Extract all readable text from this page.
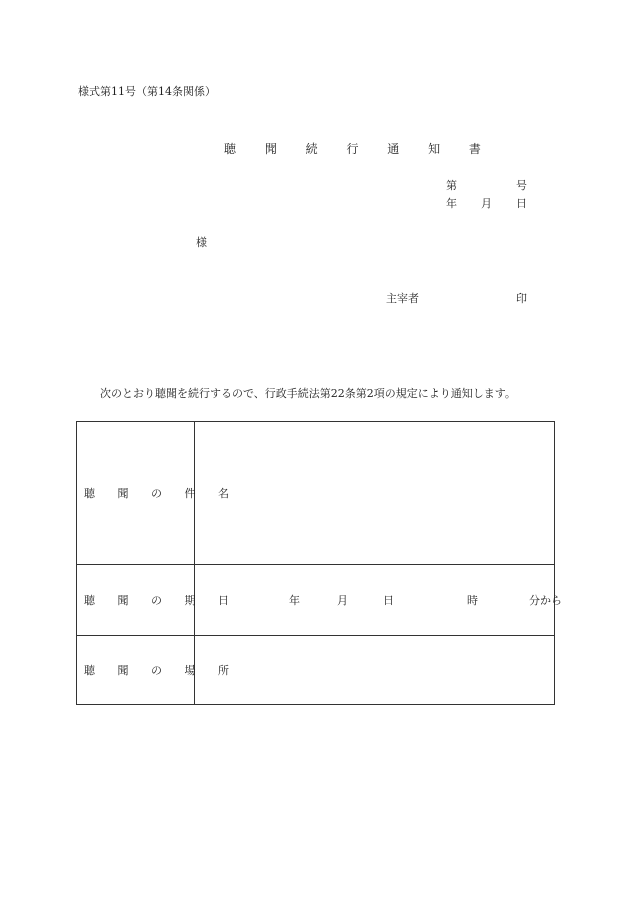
様式第11号（第14条関係）
聴 聞 続 行 通 知 書
第	号
年 月 日
様
主宰者	印
次のとおり聴聞を続行するので、行政手続法第22条第2項の規定により通知します。
聴 聞 の 件 名
聴 聞 の 期 日	年	月	日	時	分から
聴 聞 の 場 所
